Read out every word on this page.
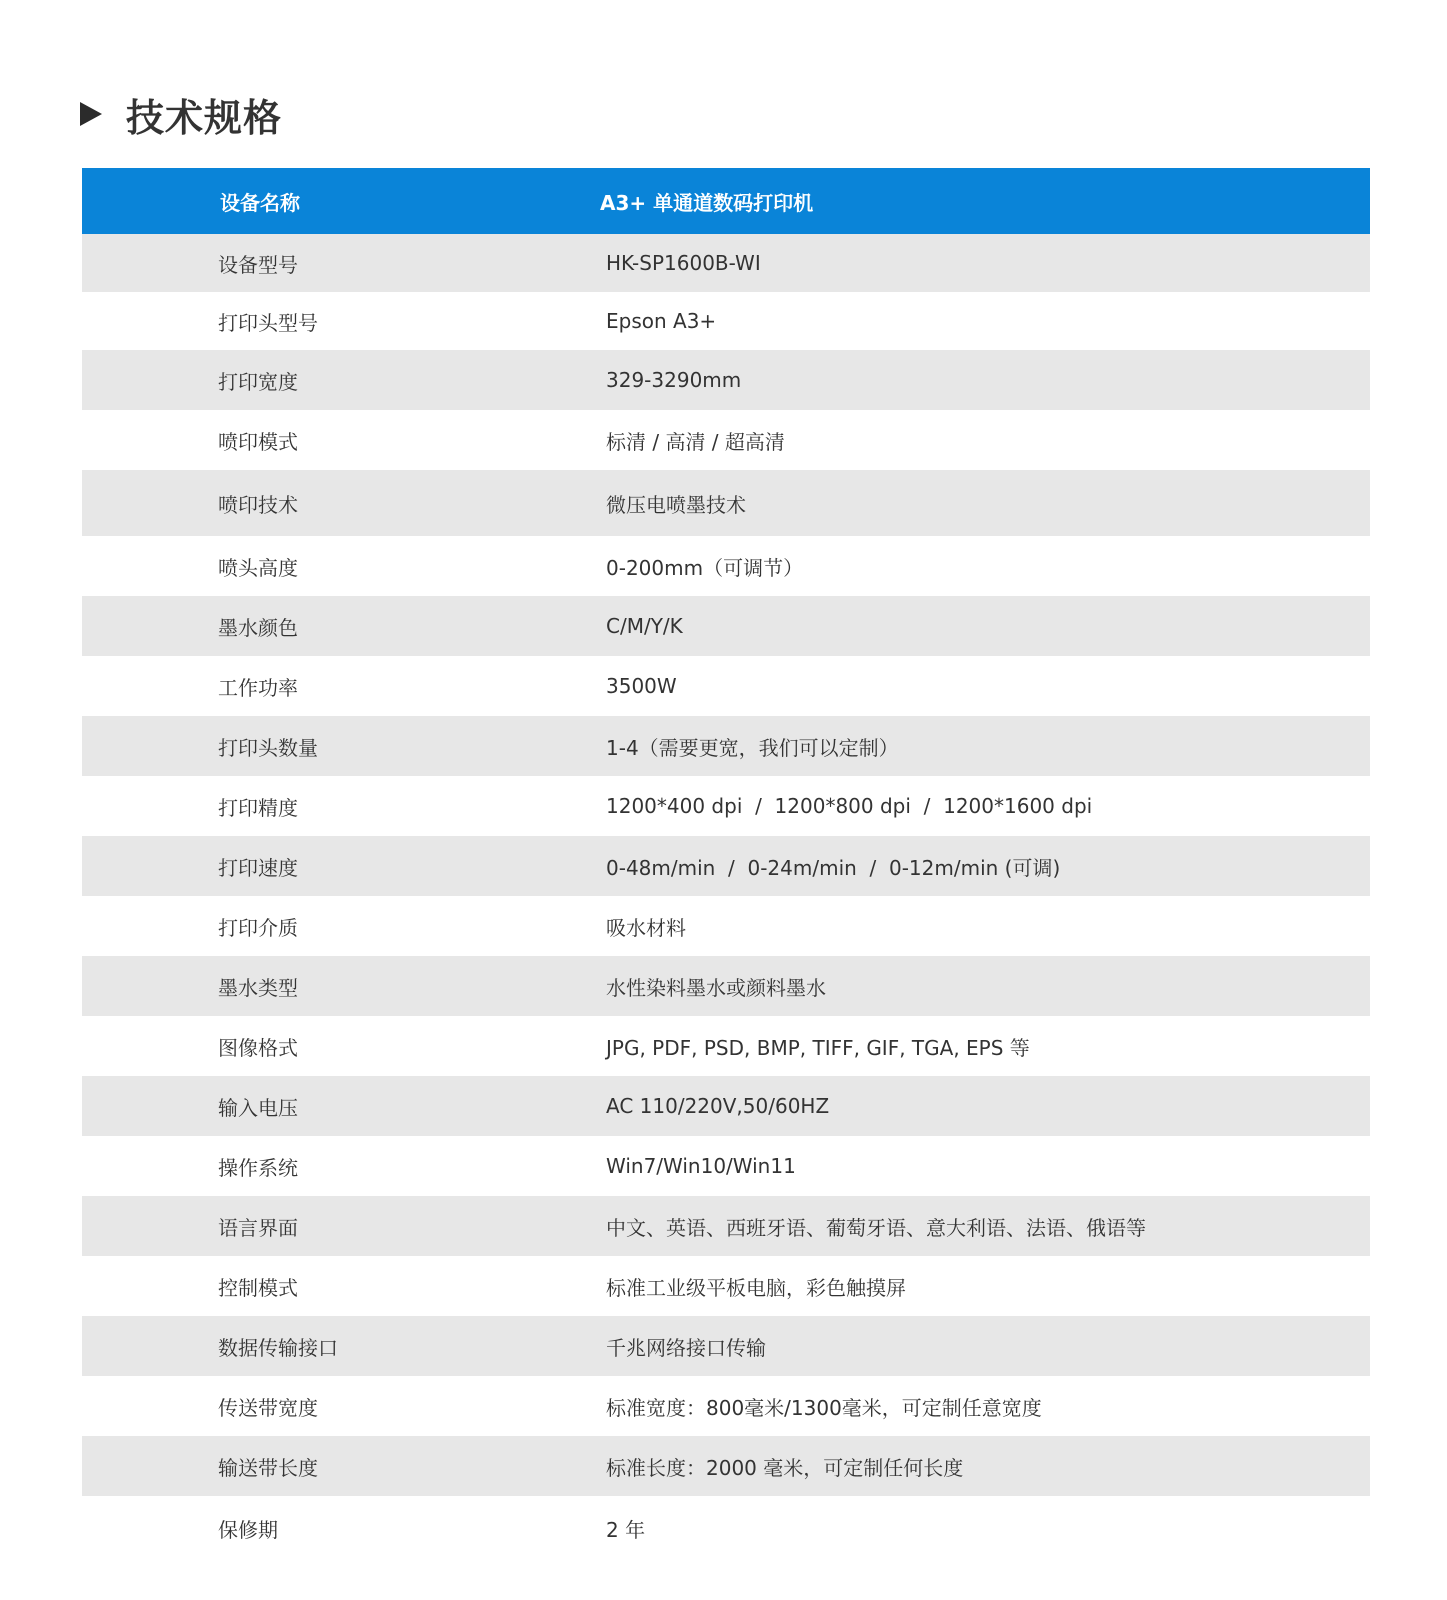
技术规格
设备名称	A3+ 单通道数码打印机
设备型号	HK-SP1600B-WI
打印头型号	Epson A3+
打印宽度	329-3290mm
喷印模式	标清 / 高清 / 超高清
喷印技术	微压电喷墨技术
喷头高度	0-200mm（可调节）
墨水颜色	C/M/Y/K
工作功率	3500W
打印头数量	1-4（需要更宽，我们可以定制）
打印精度	1200*400 dpi  /  1200*800 dpi  /  1200*1600 dpi
打印速度	0-48m/min  /  0-24m/min  /  0-12m/min (可调)
打印介质	吸水材料
墨水类型	水性染料墨水或颜料墨水
图像格式	JPG, PDF, PSD, BMP, TIFF, GIF, TGA, EPS 等
输入电压	AC 110/220V,50/60HZ
操作系统	Win7/Win10/Win11
语言界面	中文、英语、西班牙语、葡萄牙语、意大利语、法语、俄语等
控制模式	标准工业级平板电脑，彩色触摸屏
数据传输接口	千兆网络接口传输
传送带宽度	标准宽度：800毫米/1300毫米，可定制任意宽度
输送带长度	标准长度：2000 毫米，可定制任何长度
保修期	2 年
